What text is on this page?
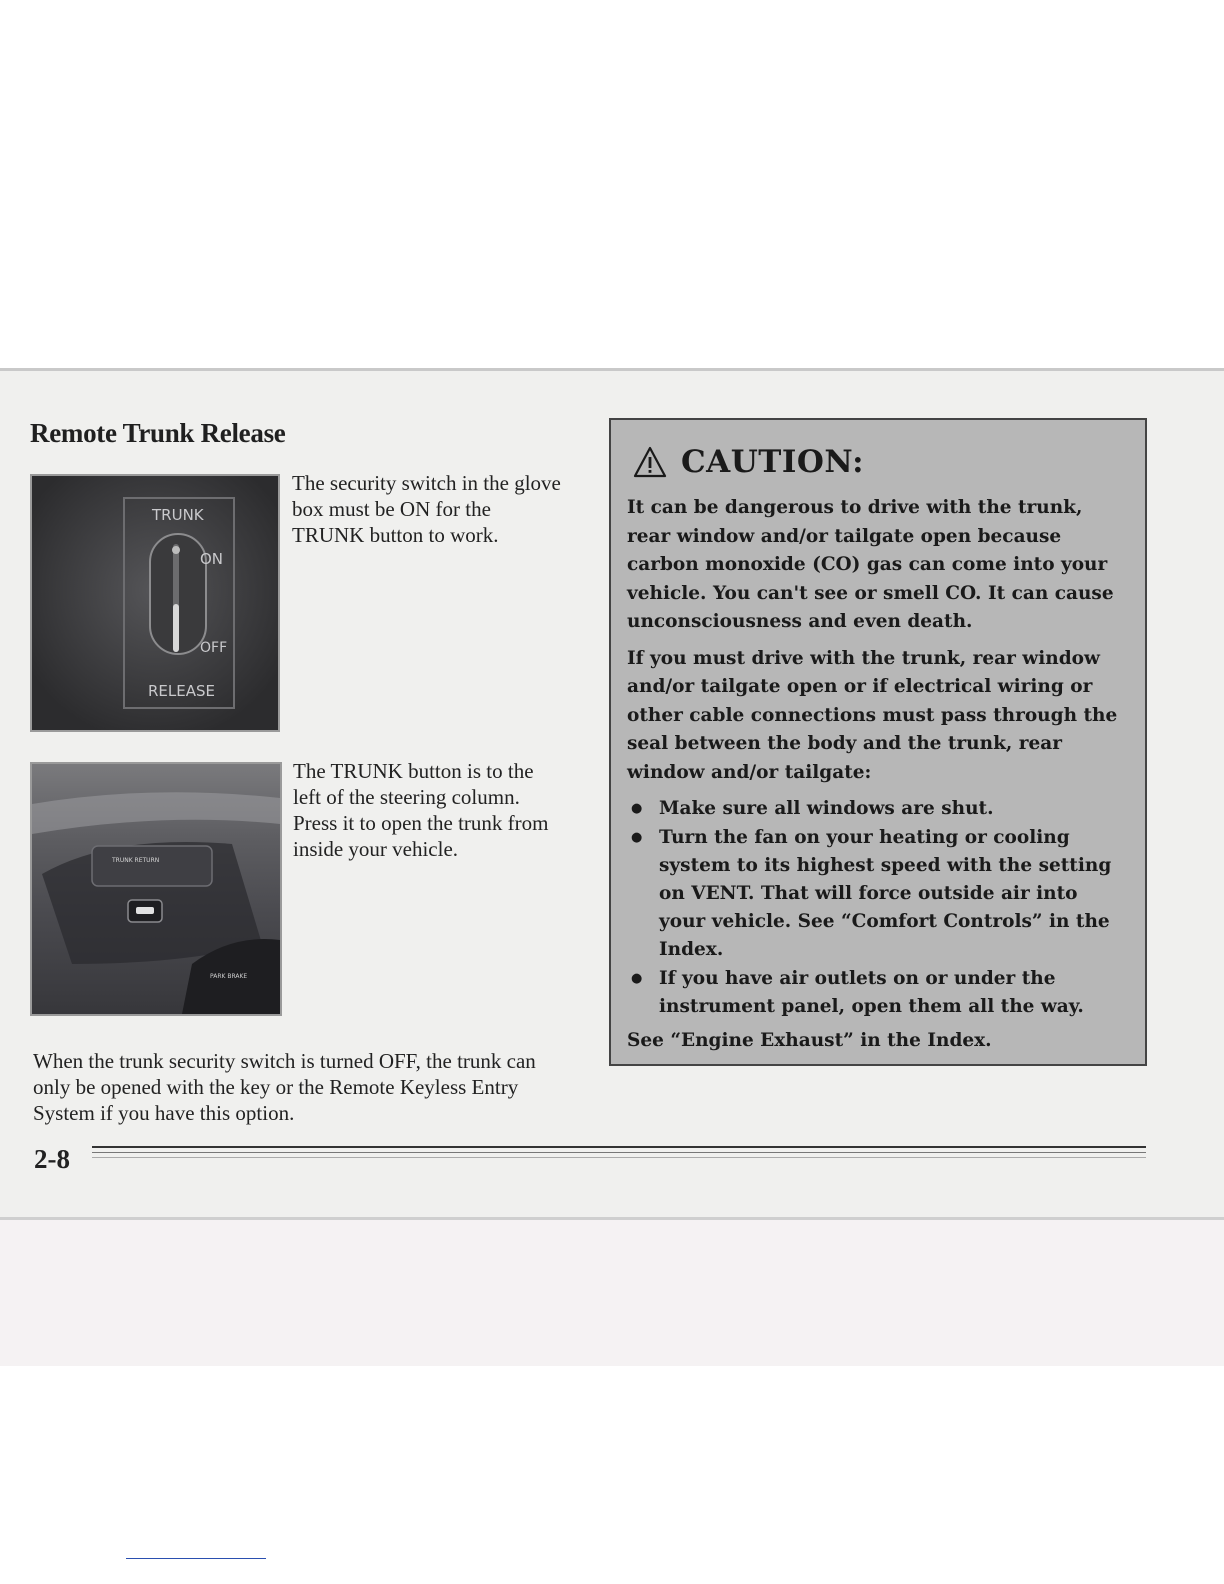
Remote Trunk Release
TRUNK
ON
OFF
RELEASE

The security switch in the glove box must be ON for the TRUNK button to work.

TRUNK RETURN
PARK BRAKE

The TRUNK button is to the left of the steering column. Press it to open the trunk from inside your vehicle.

When the trunk security switch is turned OFF, the trunk can only be opened with the key or the Remote Keyless Entry System if you have this option.

CAUTION:

It can be dangerous to drive with the trunk, rear window and/or tailgate open because carbon monoxide (CO) gas can come into your vehicle. You can't see or smell CO. It can cause unconsciousness and even death.

If you must drive with the trunk, rear window and/or tailgate open or if electrical wiring or other cable connections must pass through the seal between the body and the trunk, rear window and/or tailgate:

● Make sure all windows are shut.
● Turn the fan on your heating or cooling system to its highest speed with the setting on VENT. That will force outside air into your vehicle. See “Comfort Controls” in the Index.
● If you have air outlets on or under the instrument panel, open them all the way.

See “Engine Exhaust” in the Index.

2-8
